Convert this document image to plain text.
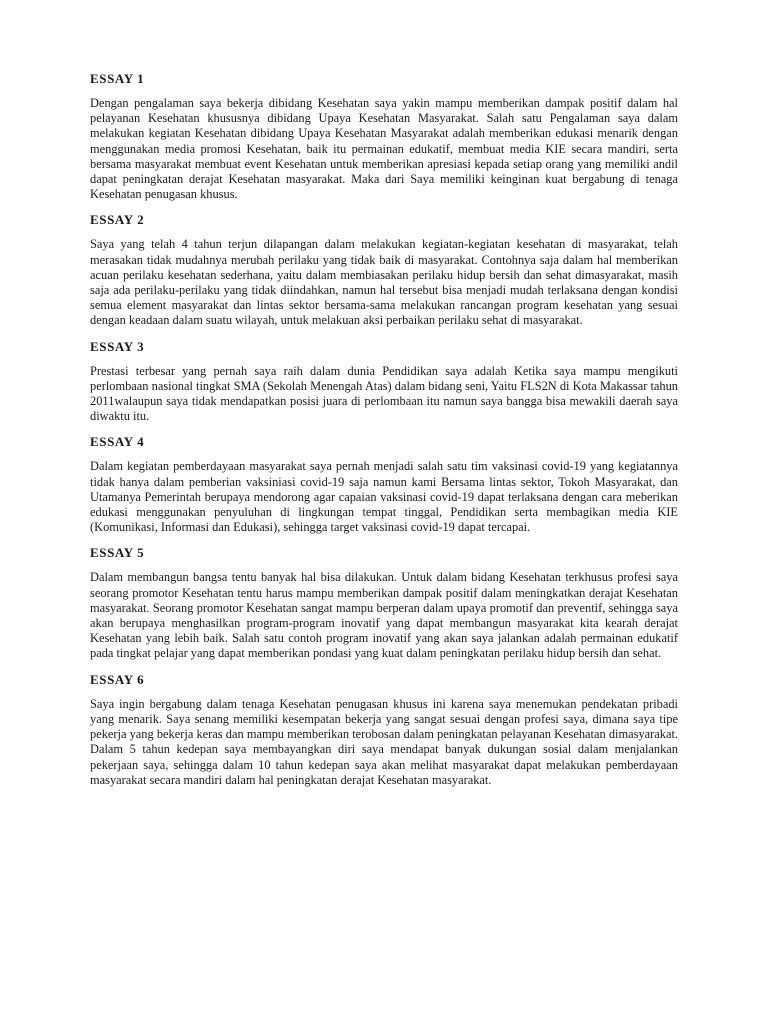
ESSAY 1

Dengan pengalaman saya bekerja dibidang Kesehatan saya yakin mampu memberikan dampak positif dalam hal pelayanan Kesehatan khususnya dibidang Upaya Kesehatan Masyarakat. Salah satu Pengalaman saya dalam melakukan kegiatan Kesehatan dibidang Upaya Kesehatan Masyarakat adalah memberikan edukasi menarik dengan menggunakan media promosi Kesehatan, baik itu permainan edukatif, membuat media KIE secara mandiri, serta bersama masyarakat membuat event Kesehatan untuk memberikan apresiasi kepada setiap orang yang memiliki andil dapat peningkatan derajat Kesehatan masyarakat. Maka dari Saya memiliki keinginan kuat bergabung di tenaga Kesehatan penugasan khusus.

ESSAY 2

Saya yang telah 4 tahun terjun dilapangan dalam melakukan kegiatan-kegiatan kesehatan di masyarakat, telah merasakan tidak mudahnya merubah perilaku yang tidak baik di masyarakat. Contohnya saja dalam hal memberikan acuan perilaku kesehatan sederhana, yaitu dalam membiasakan perilaku hidup bersih dan sehat dimasyarakat, masih saja ada perilaku-perilaku yang tidak diindahkan, namun hal tersebut bisa menjadi mudah terlaksana dengan kondisi semua element masyarakat dan lintas sektor bersama-sama melakukan rancangan program kesehatan yang sesuai dengan keadaan dalam suatu wilayah, untuk melakuan aksi perbaikan perilaku sehat di masyarakat.

ESSAY 3

Prestasi terbesar yang pernah saya raih dalam dunia Pendidikan saya adalah Ketika saya mampu mengikuti perlombaan nasional tingkat SMA (Sekolah Menengah Atas) dalam bidang seni, Yaitu FLS2N di Kota Makassar tahun 2011walaupun saya tidak mendapatkan posisi juara di perlombaan itu namun saya bangga bisa mewakili daerah saya diwaktu itu.

ESSAY 4

Dalam kegiatan pemberdayaan masyarakat saya pernah menjadi salah satu tim vaksinasi covid-19 yang kegiatannya tidak hanya dalam pemberian vaksiniasi covid-19 saja namun kami Bersama lintas sektor, Tokoh Masyarakat, dan Utamanya Pemerintah berupaya mendorong agar capaian vaksinasi covid-19 dapat terlaksana dengan cara meberikan edukasi menggunakan penyuluhan di lingkungan tempat tinggal, Pendidikan serta membagikan media KIE (Komunikasi, Informasi dan Edukasi), sehingga target vaksinasi covid-19 dapat tercapai.

ESSAY 5

Dalam membangun bangsa tentu banyak hal bisa dilakukan. Untuk dalam bidang Kesehatan terkhusus profesi saya seorang promotor Kesehatan tentu harus mampu memberikan dampak positif dalam meningkatkan derajat Kesehatan masyarakat. Seorang promotor Kesehatan sangat mampu berperan dalam upaya promotif dan preventif, sehingga saya akan berupaya menghasilkan program-program inovatif yang dapat membangun masyarakat kita kearah derajat Kesehatan yang lebih baik. Salah satu contoh program inovatif yang akan saya jalankan adalah permainan edukatif pada tingkat pelajar yang dapat memberikan pondasi yang kuat dalam peningkatan perilaku hidup bersih dan sehat.

ESSAY 6

Saya ingin bergabung dalam tenaga Kesehatan penugasan khusus ini karena saya menemukan pendekatan pribadi yang menarik. Saya senang memiliki kesempatan bekerja yang sangat sesuai dengan profesi saya, dimana saya tipe pekerja yang bekerja keras dan mampu memberikan terobosan dalam peningkatan pelayanan Kesehatan dimasyarakat. Dalam 5 tahun kedepan saya membayangkan diri saya mendapat banyak dukungan sosial dalam menjalankan pekerjaan saya, sehingga dalam 10 tahun kedepan saya akan melihat masyarakat dapat melakukan pemberdayaan masyarakat secara mandiri dalam hal peningkatan derajat Kesehatan masyarakat.
